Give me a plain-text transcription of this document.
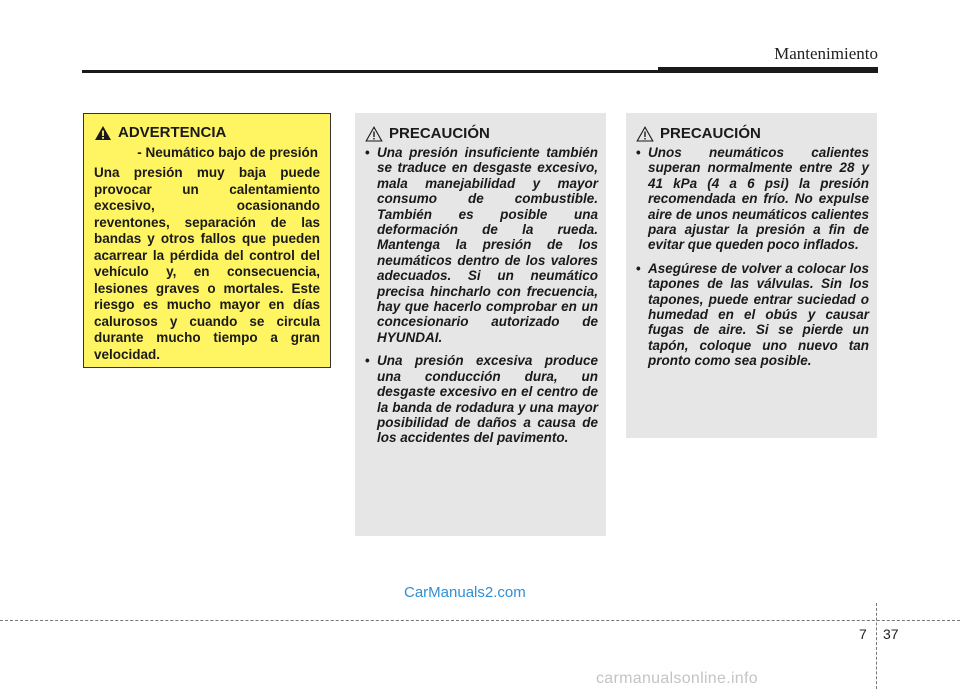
Mantenimiento
ADVERTENCIA
- Neumático bajo de presión

Una presión muy baja puede provocar un calentamiento excesivo, ocasionando reventones, separación de las bandas y otros fallos que pueden acarrear la pérdida del control del vehículo y, en consecuencia, lesiones graves o mortales. Este riesgo es mucho mayor en días calurosos y cuando se circula durante mucho tiempo a gran velocidad.

PRECAUCIÓN
• Una presión insuficiente también se traduce en desgaste excesivo, mala manejabilidad y mayor consumo de combustible. También es posible una deformación de la rueda. Mantenga la presión de los neumáticos dentro de los valores adecuados. Si un neumático precisa hincharlo con frecuencia, hay que hacerlo comprobar en un concesionario autorizado de HYUNDAI.
• Una presión excesiva produce una conducción dura, un desgaste excesivo en el centro de la banda de rodadura y una mayor posibilidad de daños a causa de los accidentes del pavimento.
PRECAUCIÓN
• Unos neumáticos calientes superan normalmente entre 28 y 41 kPa (4 a 6 psi) la presión recomendada en frío. No expulse aire de unos neumáticos calientes para ajustar la presión a fin de evitar que queden poco inflados.
• Asegúrese de volver a colocar los tapones de las válvulas. Sin los tapones, puede entrar suciedad o humedad en el obús y causar fugas de aire. Si se pierde un tapón, coloque uno nuevo tan pronto como sea posible.
CarManuals2.com
7 37
carmanualsonline.info
